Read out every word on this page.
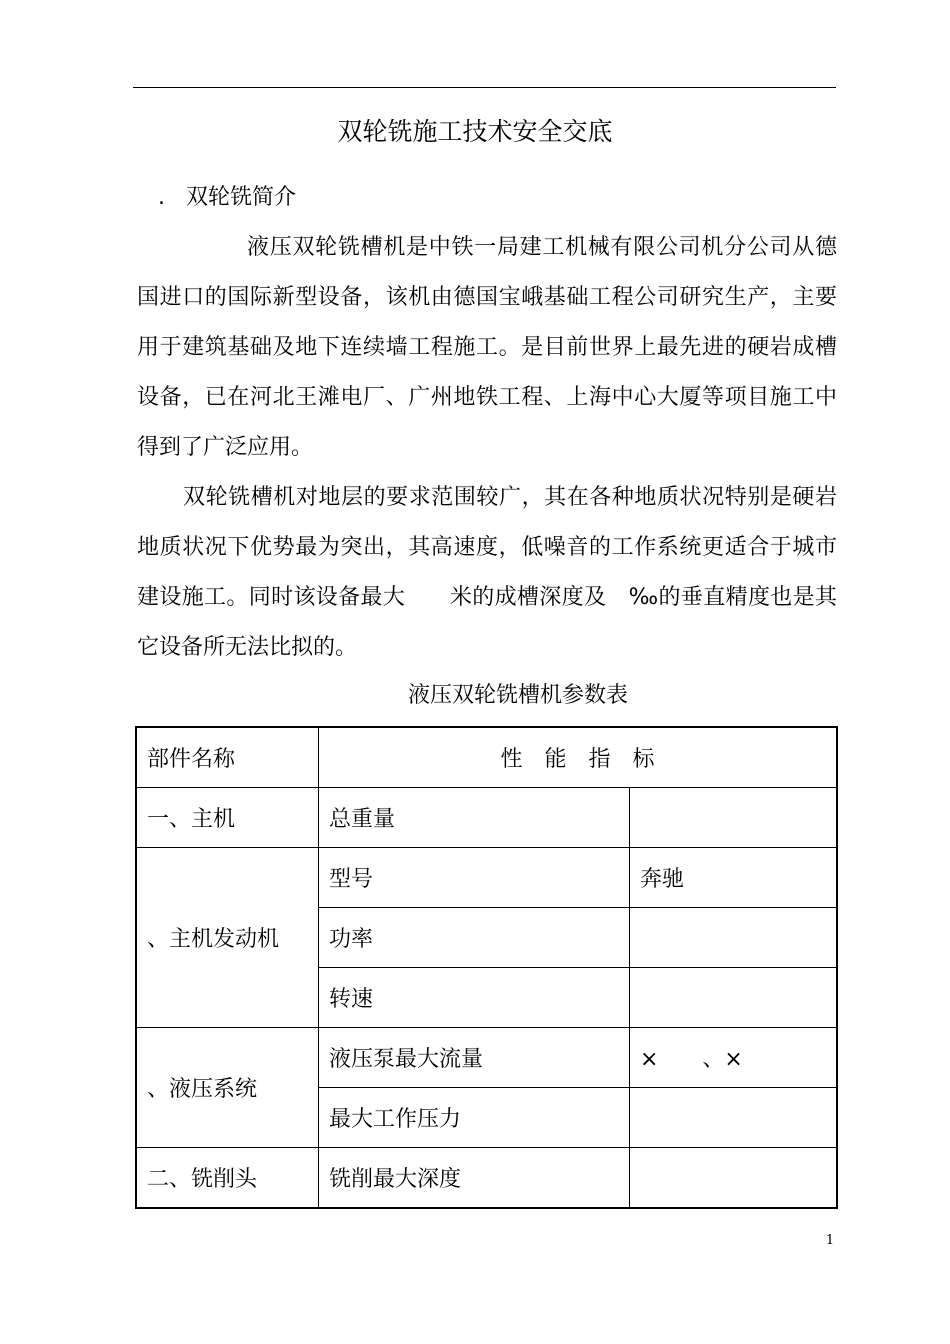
双轮铣施工技术安全交底
.   双轮铣简介

液压双轮铣槽机是中铁一局建工机械有限公司机分公司从德国进口的国际新型设备，该机由德国宝峨基础工程公司研究生产，主要用于建筑基础及地下连续墙工程施工。是目前世界上最先进的硬岩成槽设备，已在河北王滩电厂、广州地铁工程、上海中心大厦等项目施工中得到了广泛应用。

双轮铣槽机对地层的要求范围较广，其在各种地质状况特别是硬岩地质状况下优势最为突出，其高速度，低噪音的工作系统更适合于城市建设施工。同时该设备最大　　米的成槽深度及　‰的垂直精度也是其它设备所无法比拟的。

液压双轮铣槽机参数表
部件名称	性　能　指　标	
一、主机	总重量	
、主机发动机	型号	奔驰
	功率	
	转速	
、液压系统	液压泵最大流量	×　　、×
	最大工作压力	
二、铣削头	铣削最大深度	
1
